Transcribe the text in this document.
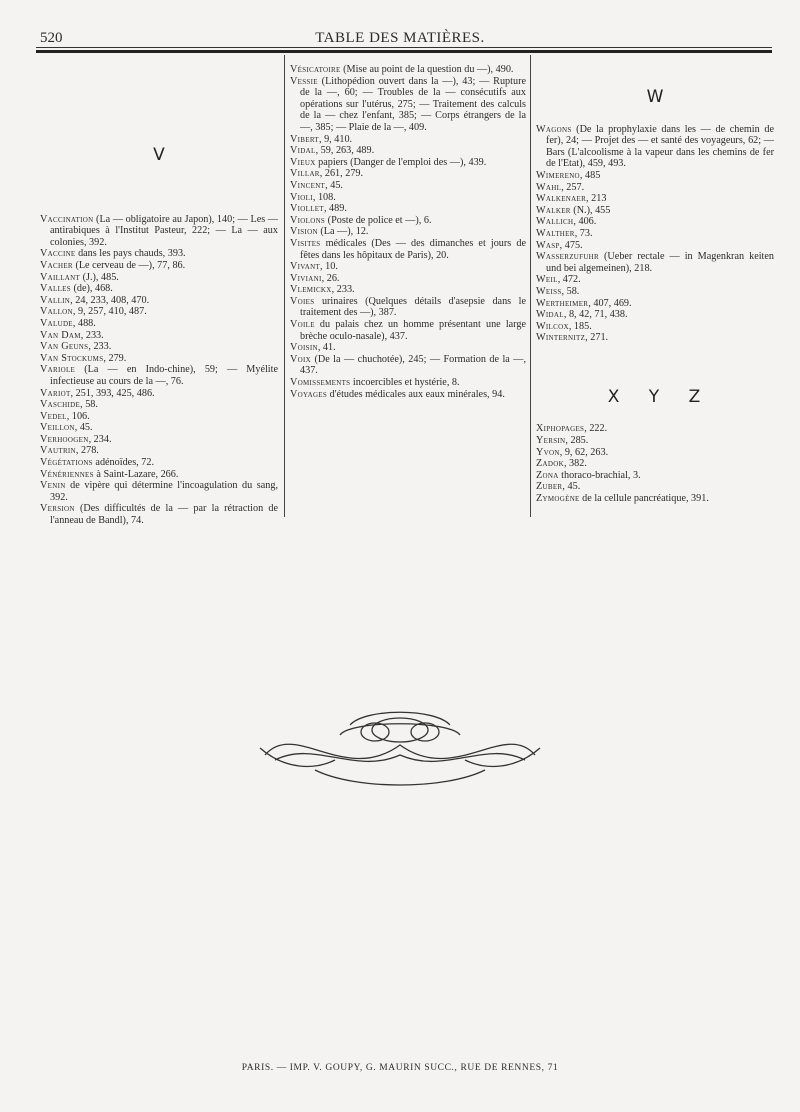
520	TABLE DES MATIÈRES.
V

Vaccination (La — obligatoire au Japon), 140; — Les — antirabiques à l'Institut Pasteur, 222; — La — aux colonies, 392.

Vaccine dans les pays chauds, 393.

Vacher (Le cerveau de —), 77, 86.

Vaillant (J.), 485.

Valles (de), 468.

Vallin, 24, 233, 408, 470.

Vallon, 9, 257, 410, 487.

Valude, 488.

Van Dam, 233.

Van Geuns, 233.

Van Stockums, 279.

Variole (La — en Indo-chine), 59; — Myélite infectieuse au cours de la —, 76.

Variot, 251, 393, 425, 486.

Vaschide, 58.

Vedel, 106.

Veillon, 45.

Verhoogen, 234.

Vautrin, 278.

Végétations adénoïdes, 72.

Vénériennes à Saint-Lazare, 266.

Venin de vipère qui détermine l'incoagulation du sang, 392.

Version (Des difficultés de la — par la rétraction de l'anneau de Bandl), 74.

Vésicatoire (Mise au point de la question du —), 490.

Vessie (Lithopédion ouvert dans la —), 43; — Rupture de la —, 60; — Troubles de la — consécutifs aux opérations sur l'utérus, 275; — Traitement des calculs de la — chez l'enfant, 385; — Corps étrangers de la —, 385; — Plaie de la —, 409.

Vibert, 9, 410.

Vidal, 59, 263, 489.

Vieux papiers (Danger de l'emploi des —), 439.

Villar, 261, 279.

Vincent, 45.

Violi, 108.

Viollet, 489.

Violons (Poste de police et —), 6.

Vision (La —), 12.

Visites médicales (Des — des dimanches et jours de fêtes dans les hôpitaux de Paris), 20.

Vivant, 10.

Viviani, 26.

Vlemickx, 233.

Voies urinaires (Quelques détails d'asepsie dans le traitement des —), 387.

Voile du palais chez un homme présentant une large brèche oculo-nasale), 437.

Voisin, 41.

Voix (De la — chuchotée), 245; — Formation de la —, 437.

Vomissements incoercibles et hystérie, 8.

Voyages d'études médicales aux eaux minérales, 94.

W

Wagons (De la prophylaxie dans les — de chemin de fer), 24; — Projet des — et santé des voyageurs, 62; — Bars (L'alcoolisme à la vapeur dans les chemins de fer de l'Etat), 459, 493.

Wimereno, 485

Wahl, 257.

Walkenaer, 213

Walker (N.), 455

Wallich, 406.

Walther, 73.

Wasp, 475.

Wasserzufuhr (Ueber rectale — in Magenkran keiten und bei algemeinen), 218.

Weil, 472.

Weiss, 58.

Wertheimer, 407, 469.

Widal, 8, 42, 71, 438.

Wilcox, 185.

Winternitz, 271.

X Y Z

Xiphopages, 222.

Yersin, 285.

Yvon, 9, 62, 263.

Zadok, 382.

Zona thoraco-brachial, 3.

Zuber, 45.

Zymogène de la cellule pancréatique, 391.

PARIS. — IMP. V. GOUPY, G. MAURIN SUCC., RUE DE RENNES, 71
